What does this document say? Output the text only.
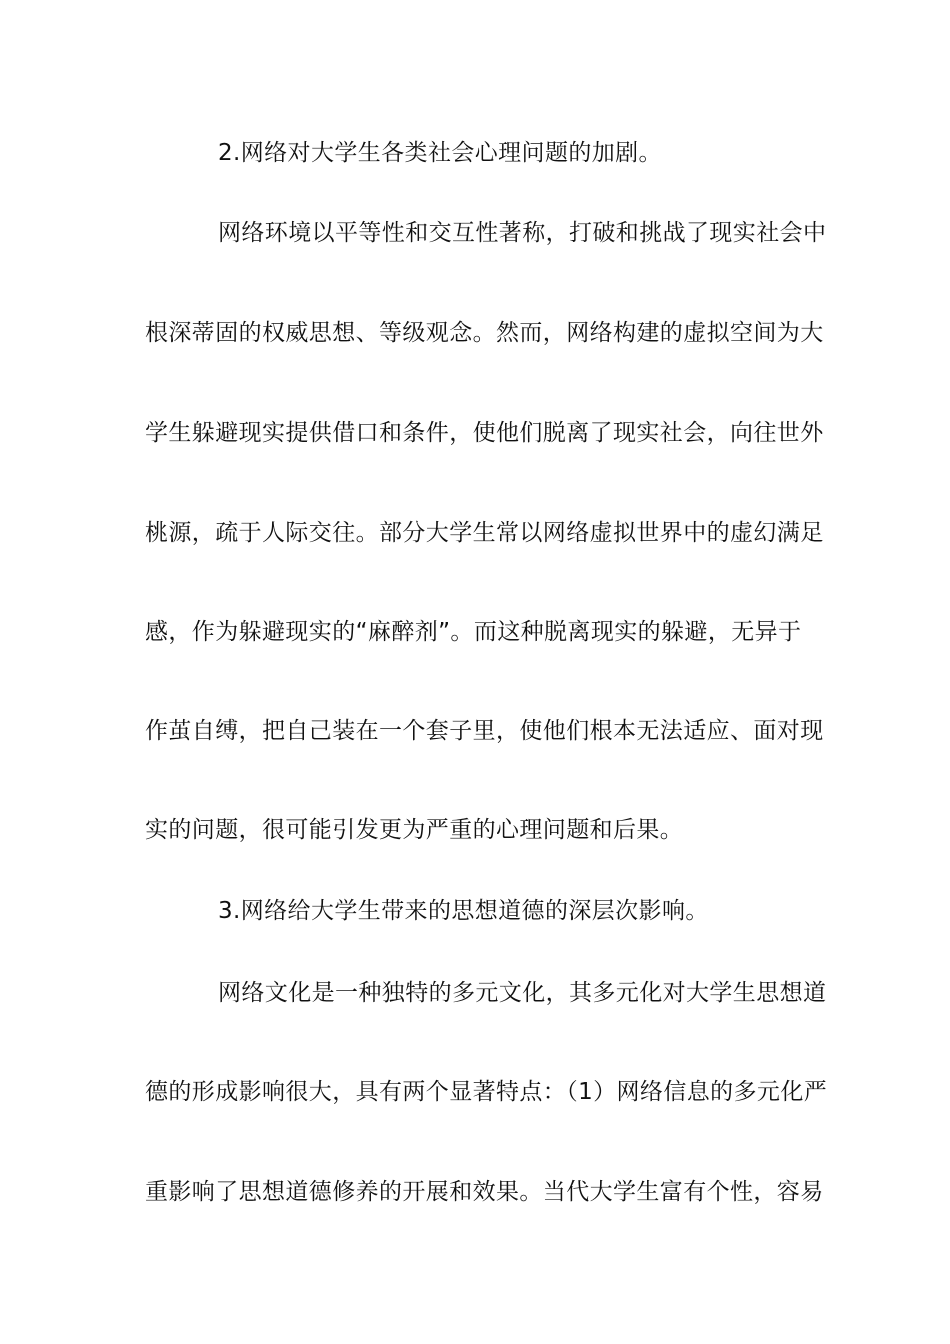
2.网络对大学生各类社会心理问题的加剧。
网络环境以平等性和交互性著称，打破和挑战了现实社会中
根深蒂固的权威思想、等级观念。然而，网络构建的虚拟空间为大
学生躲避现实提供借口和条件，使他们脱离了现实社会，向往世外
桃源，疏于人际交往。部分大学生常以网络虚拟世界中的虚幻满足
感，作为躲避现实的“麻醉剂”。而这种脱离现实的躲避，无异于
作茧自缚，把自己装在一个套子里，使他们根本无法适应、面对现
实的问题，很可能引发更为严重的心理问题和后果。
3.网络给大学生带来的思想道德的深层次影响。
网络文化是一种独特的多元文化，其多元化对大学生思想道
德的形成影响很大，具有两个显著特点：（1）网络信息的多元化严
重影响了思想道德修养的开展和效果。当代大学生富有个性，容易
